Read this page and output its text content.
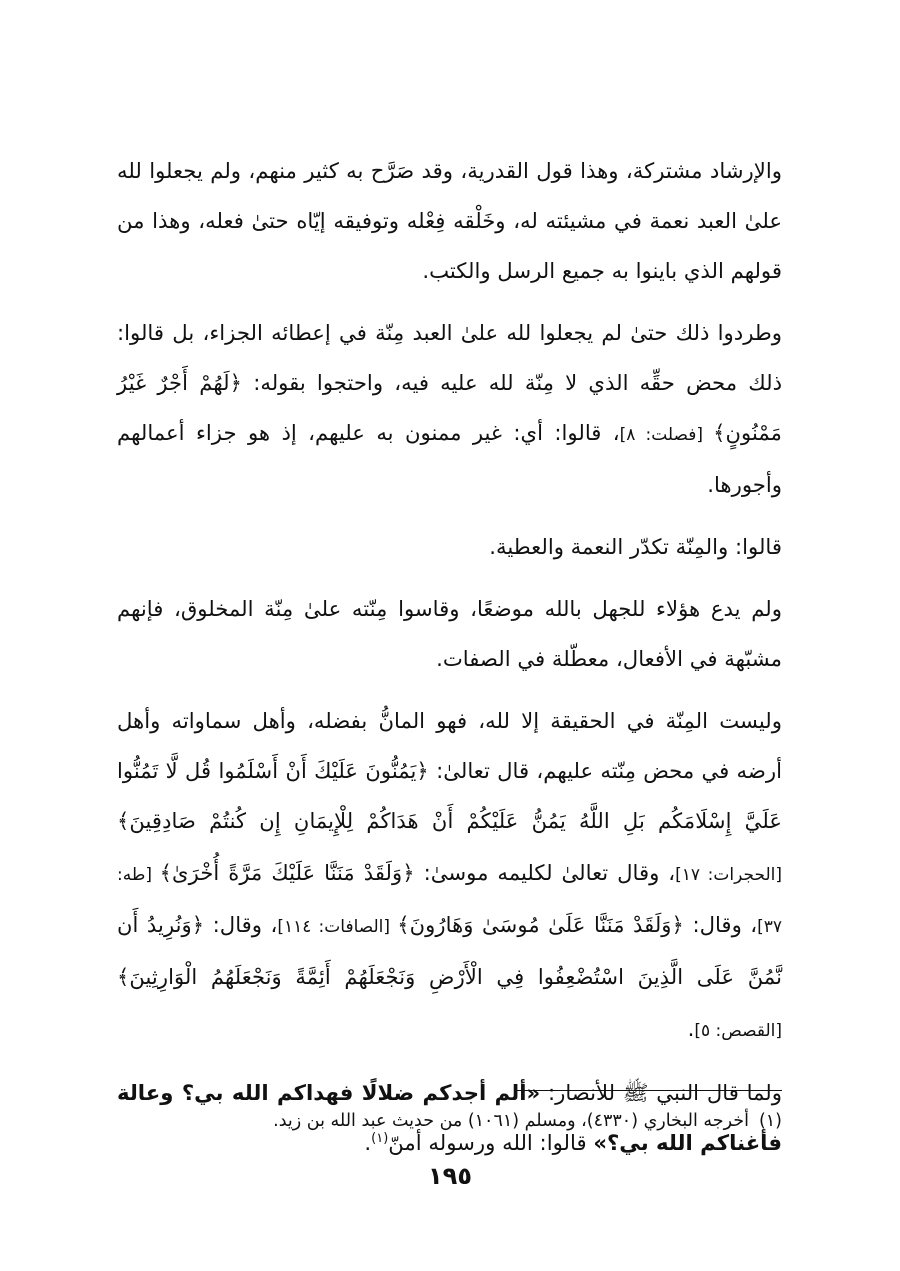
والإرشاد مشتركة، وهذا قول القدرية، وقد صَرَّح به كثير منهم، ولم يجعلوا لله علىٰ العبد نعمة في مشيئته له، وخَلْقه فِعْله وتوفيقه إيّاه حتىٰ فعله، وهذا من قولهم الذي باينوا به جميع الرسل والكتب.

وطردوا ذلك حتىٰ لم يجعلوا لله علىٰ العبد مِنّة في إعطائه الجزاء، بل قالوا: ذلك محض حقِّه الذي لا مِنّة لله عليه فيه، واحتجوا بقوله: ﴿لَهُمْ أَجْرٌ غَيْرُ مَمْنُونٍ﴾ [فصلت: ٨]، قالوا: أي: غير ممنون به عليهم، إذ هو جزاء أعمالهم وأجورها.

قالوا: والمِنّة تكدّر النعمة والعطية.

ولم يدع هؤلاء للجهل بالله موضعًا، وقاسوا مِنّته علىٰ مِنّة المخلوق، فإنهم مشبّهة في الأفعال، معطّلة في الصفات.

وليست المِنّة في الحقيقة إلا لله، فهو المانُّ بفضله، وأهل سماواته وأهل أرضه في محض مِنّته عليهم، قال تعالىٰ: ﴿يَمُنُّونَ عَلَيْكَ أَنْ أَسْلَمُوا قُل لَّا تَمُنُّوا عَلَيَّ إِسْلَامَكُم بَلِ اللَّهُ يَمُنُّ عَلَيْكُمْ أَنْ هَدَاكُمْ لِلْإِيمَانِ إِن كُنتُمْ صَادِقِينَ﴾ [الحجرات: ١٧]، وقال تعالىٰ لكليمه موسىٰ: ﴿وَلَقَدْ مَنَنَّا عَلَيْكَ مَرَّةً أُخْرَىٰ﴾ [طه: ٣٧]، وقال: ﴿وَلَقَدْ مَنَنَّا عَلَىٰ مُوسَىٰ وَهَارُونَ﴾ [الصافات: ١١٤]، وقال: ﴿وَنُرِيدُ أَن نَّمُنَّ عَلَى الَّذِينَ اسْتُضْعِفُوا فِي الْأَرْضِ وَنَجْعَلَهُمْ أَئِمَّةً وَنَجْعَلَهُمُ الْوَارِثِينَ﴾ [القصص: ٥].

ولما قال النبي ﷺ للأنصار: «ألم أجدكم ضلالًا فهداكم الله بي؟ وعالة فأغناكم الله بي؟» قالوا: الله ورسوله أمنّ$^{(١)}$.

(١)أخرجه البخاري (٤٣٣٠)، ومسلم (١٠٦١) من حديث عبد الله بن زيد.
١٩٥
